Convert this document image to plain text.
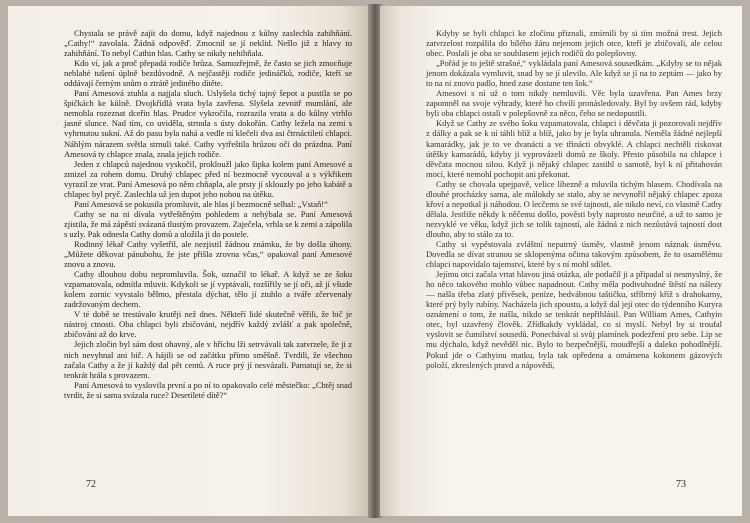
Chystala se právě zajít do domu, když najednou z kůlny zaslechla zahihňání. „Cathy!“ zavolala. Žádná odpověď. Zmocnil se jí neklid. Nešlo již z hlavy to zahihňání. To nebyl Cathin hlas. Cathy se nikdy nehihňala.

Kdo ví, jak a proč přepadá rodiče hrůza. Samozřejmě, že často se jich zmocňuje neblahé tušení úplně bezdůvodně. A nejčastěji rodiče jedináčků, rodiče, kteří se oddávají černým snům o ztrátě jediného dítěte.

Paní Amesová ztuhla a najjala sluch. Uslyšela tichý tajný šepot a pustila se po špičkách ke kůlně. Dvojkřídlá vrata byla zavřena. Slyšela zevnitř mumlání, ale nemohla rozeznat dceřin hlas. Prudce vykročila, rozrazila vrata a do kůlny vtrhlo jasné slunce. Nad tím, co uviděla, strnula s ústy dokořán. Cathy ležela na zemi s vyhrnutou sukní. Až do pasu byla nahá a vedle ní klečeli dva asi čtrnáctiletí chlapci. Náhlým nárazem světla strnuli také. Cathy vytřeštila hrůzou oči do prázdna. Paní Amesová ty chlapce znala, znala jejich rodiče.

Jeden z chlapců najednou vyskočil, prokloužl jako šipka kolem paní Amesové a zmizel za rohem domu. Druhý chlapec před ní bezmocně vycouval a s výkřikem vyrazil ze vrat. Paní Amesová po něm chňapla, ale prsty jí sklouzly po jeho kabátě a chlapec byl pryč. Zaslechla už jen dupot jeho nohou na útěku.

Paní Amesová se pokusila promluvit, ale hlas jí bezmocně selhal: „Vstaň!“

Cathy se na ni dívala vytřeštěným pohledem a nehýbala se. Paní Amesová zjistila, že má zápěstí svázaná tlustým provazem. Zaječela, vrhla se k zemi a zápolila s uzly. Pak odnesla Cathy domů a uložila ji do postele.

Rodinný lékař Cathy vyšetřil, ale nezjistil žádnou známku, že by došla úhony. „Můžete děkovat pánubohu, že jste přišla zrovna včas,“ opakoval paní Amesové znovu a znovu.

Cathy dlouhou dobu nepromluvila. Šok, označil to lékař. A když se ze šoku vzpamatovala, odmítla mluvit. Kdykoli se jí vyptávali, rozšířily se jí oči, až jí všude kolem zornic vyvstalo bělmo, přestala dýchat, tělo jí ztuhlo a tváře zčervenaly zadržovaným dechem.

V té době se trestávalo krutěji než dnes. Někteří lidé skutečně věřili, že bič je nástroj ctnosti. Oba chlapci byli zbičováni, nejdřív každý zvlášť a pak společně, zbičováni až do krve.

Jejich zločin byl sám dost ohavný, ale v hříchu lži setrvávali tak zatvrzele, že ji z nich nevyhnal ani bič. A hájili se od začátku přímo směšně. Tvrdili, že všechno začala Cathy a že jí každý dal pět centů. A ruce prý jí nesvázali. Pamatují se, že si tenkrát hrála s provazem.

Paní Amesová to vyslovila první a po ní to opakovalo celé městečko: „Chtěj snad tvrdit, že si sama svázala ruce? Desetileté dítě?“

72

Kdyby se byli chlapci ke zločinu přiznali, zmírnili by si tím možná trest. Jejich zatvrzelost rozpálila do bílého žáru nejenom jejich otce, kteří je zbičovali, ale celou obec. Poslali je oba se souhlasem jejich rodičů do polepšovny.

„Pořád je to ještě strašné,“ vykládala paní Amesová sousedkám. „Kdyby se to nějak jenom dokázala vymluvit, snad by se jí ulevilo. Ale když se jí na to zeptám — jako by to na ni znovu padlo, hned zase dostane ten šok.“

Amesovi s ní už o tom nikdy nemluvili. Věc byla uzavřena. Pan Ames brzy zapomněl na svoje výhrady, které ho chvíli pronásledovaly. Byl by ovšem rád, kdyby byli oba chlapci ostali v polepšovně za něco, čeho se nedopustili.

Když se Cathy ze svého šoku vzpamatovala, chlapci i děvčata ji pozorovali nejdřív z dálky a pak se k ní táhli blíž a blíž, jako by je byla uhranula. Neměla žádné nejlepší kamarádky, jak je to ve dvanácti a ve třinácti obvyklé. A chlapci nechtěli riskovat útěšky kamarádů, kdyby ji vyprovázeli domů ze školy. Přesto působila na chlapce i děvčata mocnou silou. Když ji nějaký chlapec zastihl o samotě, byl k ní přitahován mocí, které nemohl pochopit ani překonat.

Cathy se chovala upejpavě, velice líbezně a mluvila tichým hlasem. Chodívala na dlouhé procházky sama, ale málokdy se stalo, aby se nevynořil nějaký chlapec zpoza křoví a nepotkal ji náhodou. O lecčems se své tajnosti, ale nikdo neví, co vlastně Cathy dělala. Jestliže někdy k něčemu došlo, pověsti byly naprosto neurčité, a už to samo je nezvyklé ve věku, když jich se tolik tajností, ale žádná z nich nezůstává tajností dost dlouho, aby to stálo za to.

Cathy si vypěstovala zvláštní nepatrný úsměv, vlastně jenom náznak úsměvu. Dovedla se dívat stranou se sklopenýma očima takovým způsobem, že to osamělému chlapci napovídalo tajemství, které by s ní mohl sdílet.

Jejímu otci začala vrtat hlavou jiná otázka, ale potlačil ji a připadal si nesmyslný, že ho něco takového mohlo vůbec napadnout. Cathy měla podivuhodné štěstí na nálezy — našla třeba zlatý přívěsek, peníze, hedvábnou taštičku, stříbrný kříž s drahokamy, které prý byly rubíny. Nacházela jich spoustu, a když dal její otec do týdenního Kuryra oznámení o tom, že našla, nikdo se tenkrát nepřihlásil. Pan William Ames, Cathyin otec, byl uzavřený člověk. Zřídkakdy vykládal, co si myslí. Nebyl by si troufal vyslovit se čumilství sousedů. Ponechával si svůj plamínek podezření pro sebe. Lip se mu dýchalo, když nevěděl nic. Bylo to bezpečnější, moudřejší a daleko pohodlnější. Pokud jde o Cathyinu matku, byla tak opředena a omámena kokonem gázových položí, zkreslených pravd a nápovědí,

73
